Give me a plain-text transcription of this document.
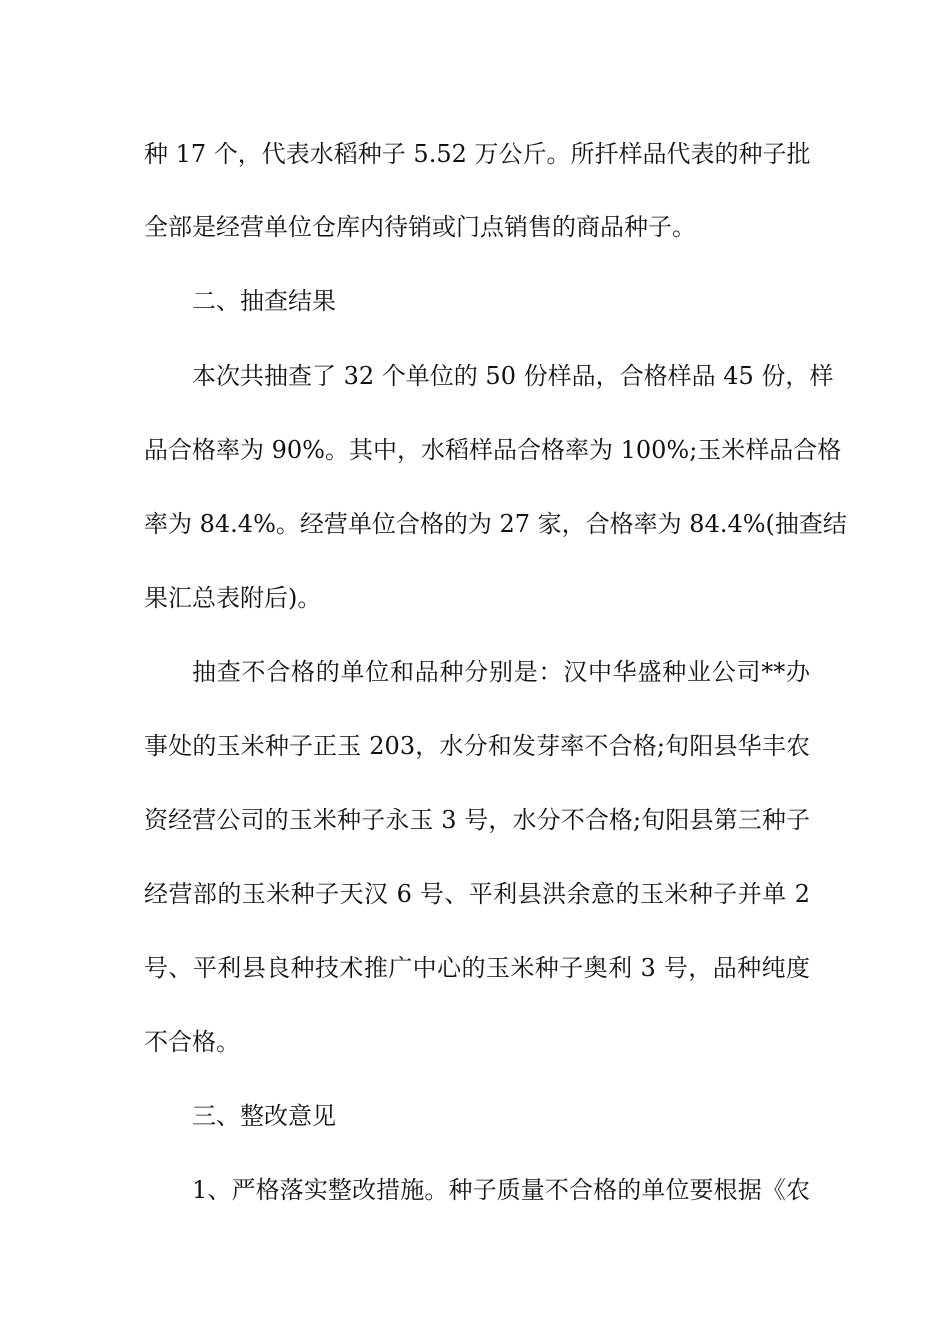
种 17 个，代表水稻种子 5.52 万公斤。所扦样品代表的种子批
全部是经营单位仓库内待销或门点销售的商品种子。
二、抽查结果
本次共抽查了 32 个单位的 50 份样品，合格样品 45 份，样
品合格率为 90%。其中，水稻样品合格率为 100%;玉米样品合格
率为 84.4%。经营单位合格的为 27 家，合格率为 84.4%(抽查结
果汇总表附后)。
抽查不合格的单位和品种分别是：汉中华盛种业公司**办
事处的玉米种子正玉 203，水分和发芽率不合格;旬阳县华丰农
资经营公司的玉米种子永玉 3 号，水分不合格;旬阳县第三种子
经营部的玉米种子天汉 6 号、平利县洪余意的玉米种子并单 2
号、平利县良种技术推广中心的玉米种子奥利 3 号，品种纯度
不合格。
三、整改意见
1、严格落实整改措施。种子质量不合格的单位要根据《农
